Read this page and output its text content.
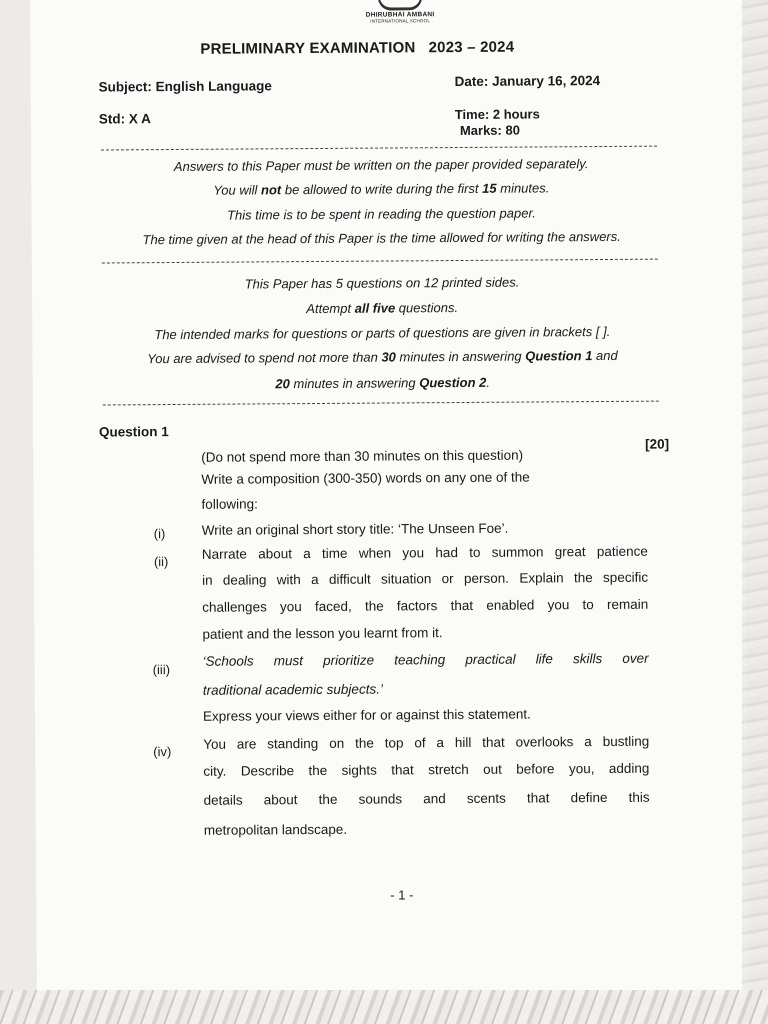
DHIRUBHAI AMBANI
INTERNATIONAL SCHOOL
PRELIMINARY EXAMINATION   2023 – 2024
Subject: English Language	Date: January 16, 2024
Std: X A	Time: 2 hours
Marks: 80
Answers to this Paper must be written on the paper provided separately.
You will not be allowed to write during the first 15 minutes.
This time is to be spent in reading the question paper.
The time given at the head of this Paper is the time allowed for writing the answers.
This Paper has 5 questions on 12 printed sides.
Attempt all five questions.
The intended marks for questions or parts of questions are given in brackets [ ].
You are advised to spend not more than 30 minutes in answering Question 1 and
20 minutes in answering Question 2.
Question 1
(Do not spend more than 30 minutes on this question)
[20]
Write a composition (300-350) words on any one of the
following:
(i)	Write an original short story title: ‘The Unseen Foe’.
(ii) Narrate about a time when you had to summon great patience
in dealing with a difficult situation or person. Explain the specific
challenges you faced, the factors that enabled you to remain
patient and the lesson you learnt from it.
(iii)
‘Schools must prioritize teaching practical life skills over
traditional academic subjects.’
Express your views either for or against this statement.
(iv) You are standing on the top of a hill that overlooks a bustling
city. Describe the sights that stretch out before you, adding
details about the sounds and scents that define this
metropolitan landscape.
- 1 -
